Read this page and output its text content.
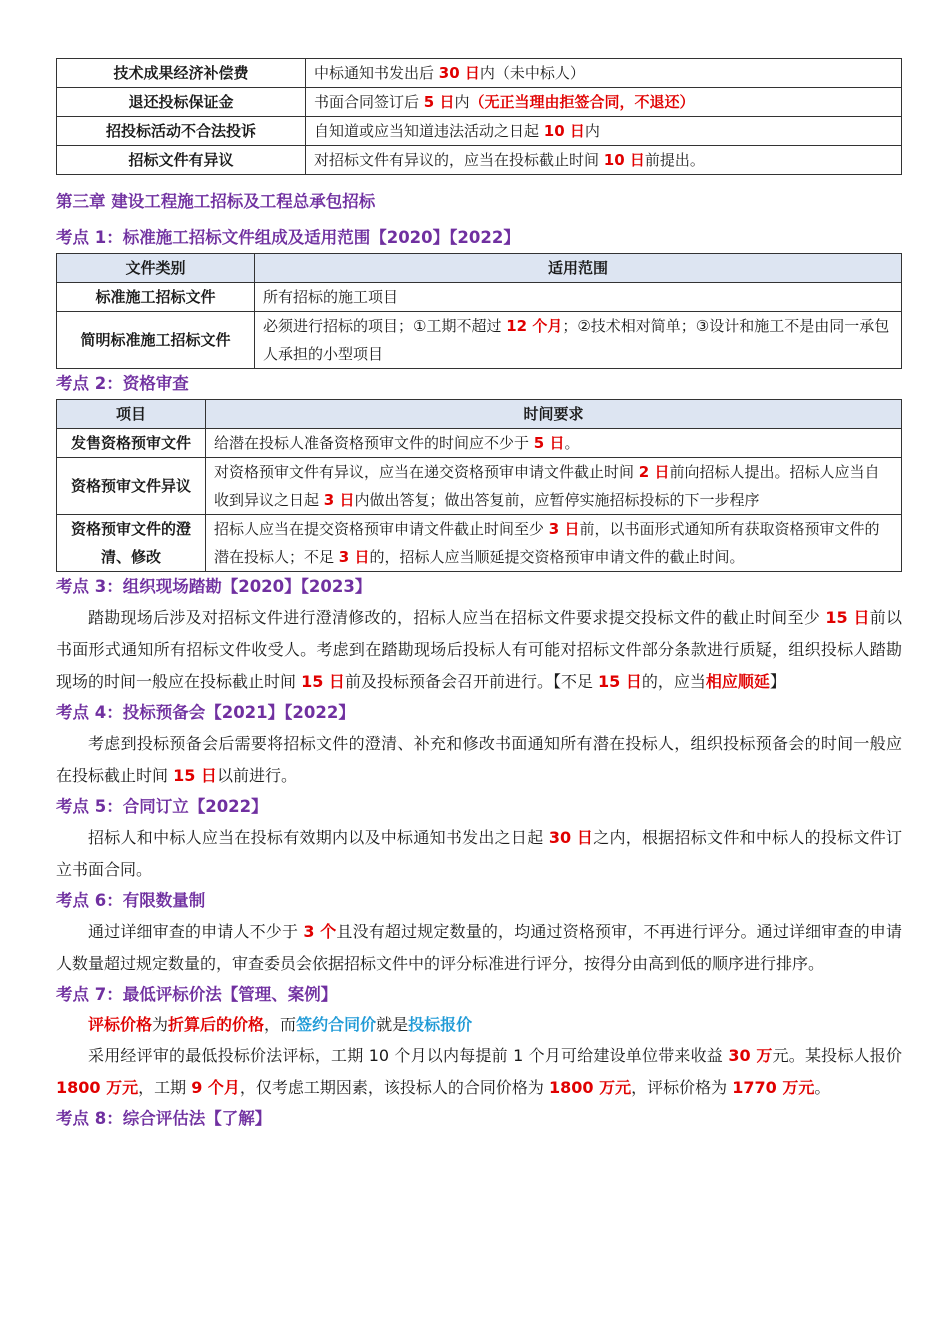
技术成果经济补偿费	中标通知书发出后 30 日内（未中标人）
退还投标保证金	书面合同签订后 5 日内（无正当理由拒签合同，不退还）
招投标活动不合法投诉	自知道或应当知道违法活动之日起 10 日内
招标文件有异议	对招标文件有异议的，应当在投标截止时间 10 日前提出。
第三章 建设工程施工招标及工程总承包招标
考点 1：标准施工招标文件组成及适用范围【2020】【2022】
文件类别	适用范围
标准施工招标文件	所有招标的施工项目
简明标准施工招标文件	必须进行招标的项目；①工期不超过 12 个月；②技术相对简单；③设计和施工不是由同一承包人承担的小型项目
考点 2：资格审查
项目	时间要求
发售资格预审文件	给潜在投标人准备资格预审文件的时间应不少于 5 日。
资格预审文件异议	对资格预审文件有异议，应当在递交资格预审申请文件截止时间 2 日前向招标人提出。招标人应当自收到异议之日起 3 日内做出答复；做出答复前，应暂停实施招标投标的下一步程序
资格预审文件的澄清、修改	招标人应当在提交资格预审申请文件截止时间至少 3 日前，以书面形式通知所有获取资格预审文件的潜在投标人；不足 3 日的，招标人应当顺延提交资格预审申请文件的截止时间。
考点 3：组织现场踏勘【2020】【2023】

踏勘现场后涉及对招标文件进行澄清修改的，招标人应当在招标文件要求提交投标文件的截止时间至少 15 日前以书面形式通知所有招标文件收受人。考虑到在踏勘现场后投标人有可能对招标文件部分条款进行质疑，组织投标人踏勘现场的时间一般应在投标截止时间 15 日前及投标预备会召开前进行。【不足 15 日的，应当相应顺延】

考点 4：投标预备会【2021】【2022】

考虑到投标预备会后需要将招标文件的澄清、补充和修改书面通知所有潜在投标人，组织投标预备会的时间一般应在投标截止时间 15 日以前进行。

考点 5：合同订立【2022】

招标人和中标人应当在投标有效期内以及中标通知书发出之日起 30 日之内，根据招标文件和中标人的投标文件订立书面合同。

考点 6：有限数量制

通过详细审查的申请人不少于 3 个且没有超过规定数量的，均通过资格预审，不再进行评分。通过详细审查的申请人数量超过规定数量的，审查委员会依据招标文件中的评分标准进行评分，按得分由高到低的顺序进行排序。

考点 7：最低评标价法【管理、案例】
评标价格为折算后的价格，而签约合同价就是投标报价

采用经评审的最低投标价法评标，工期 10 个月以内每提前 1 个月可给建设单位带来收益 30 万元。某投标人报价 1800 万元，工期 9 个月，仅考虑工期因素，该投标人的合同价格为 1800 万元，评标价格为 1770 万元。

考点 8：综合评估法【了解】
